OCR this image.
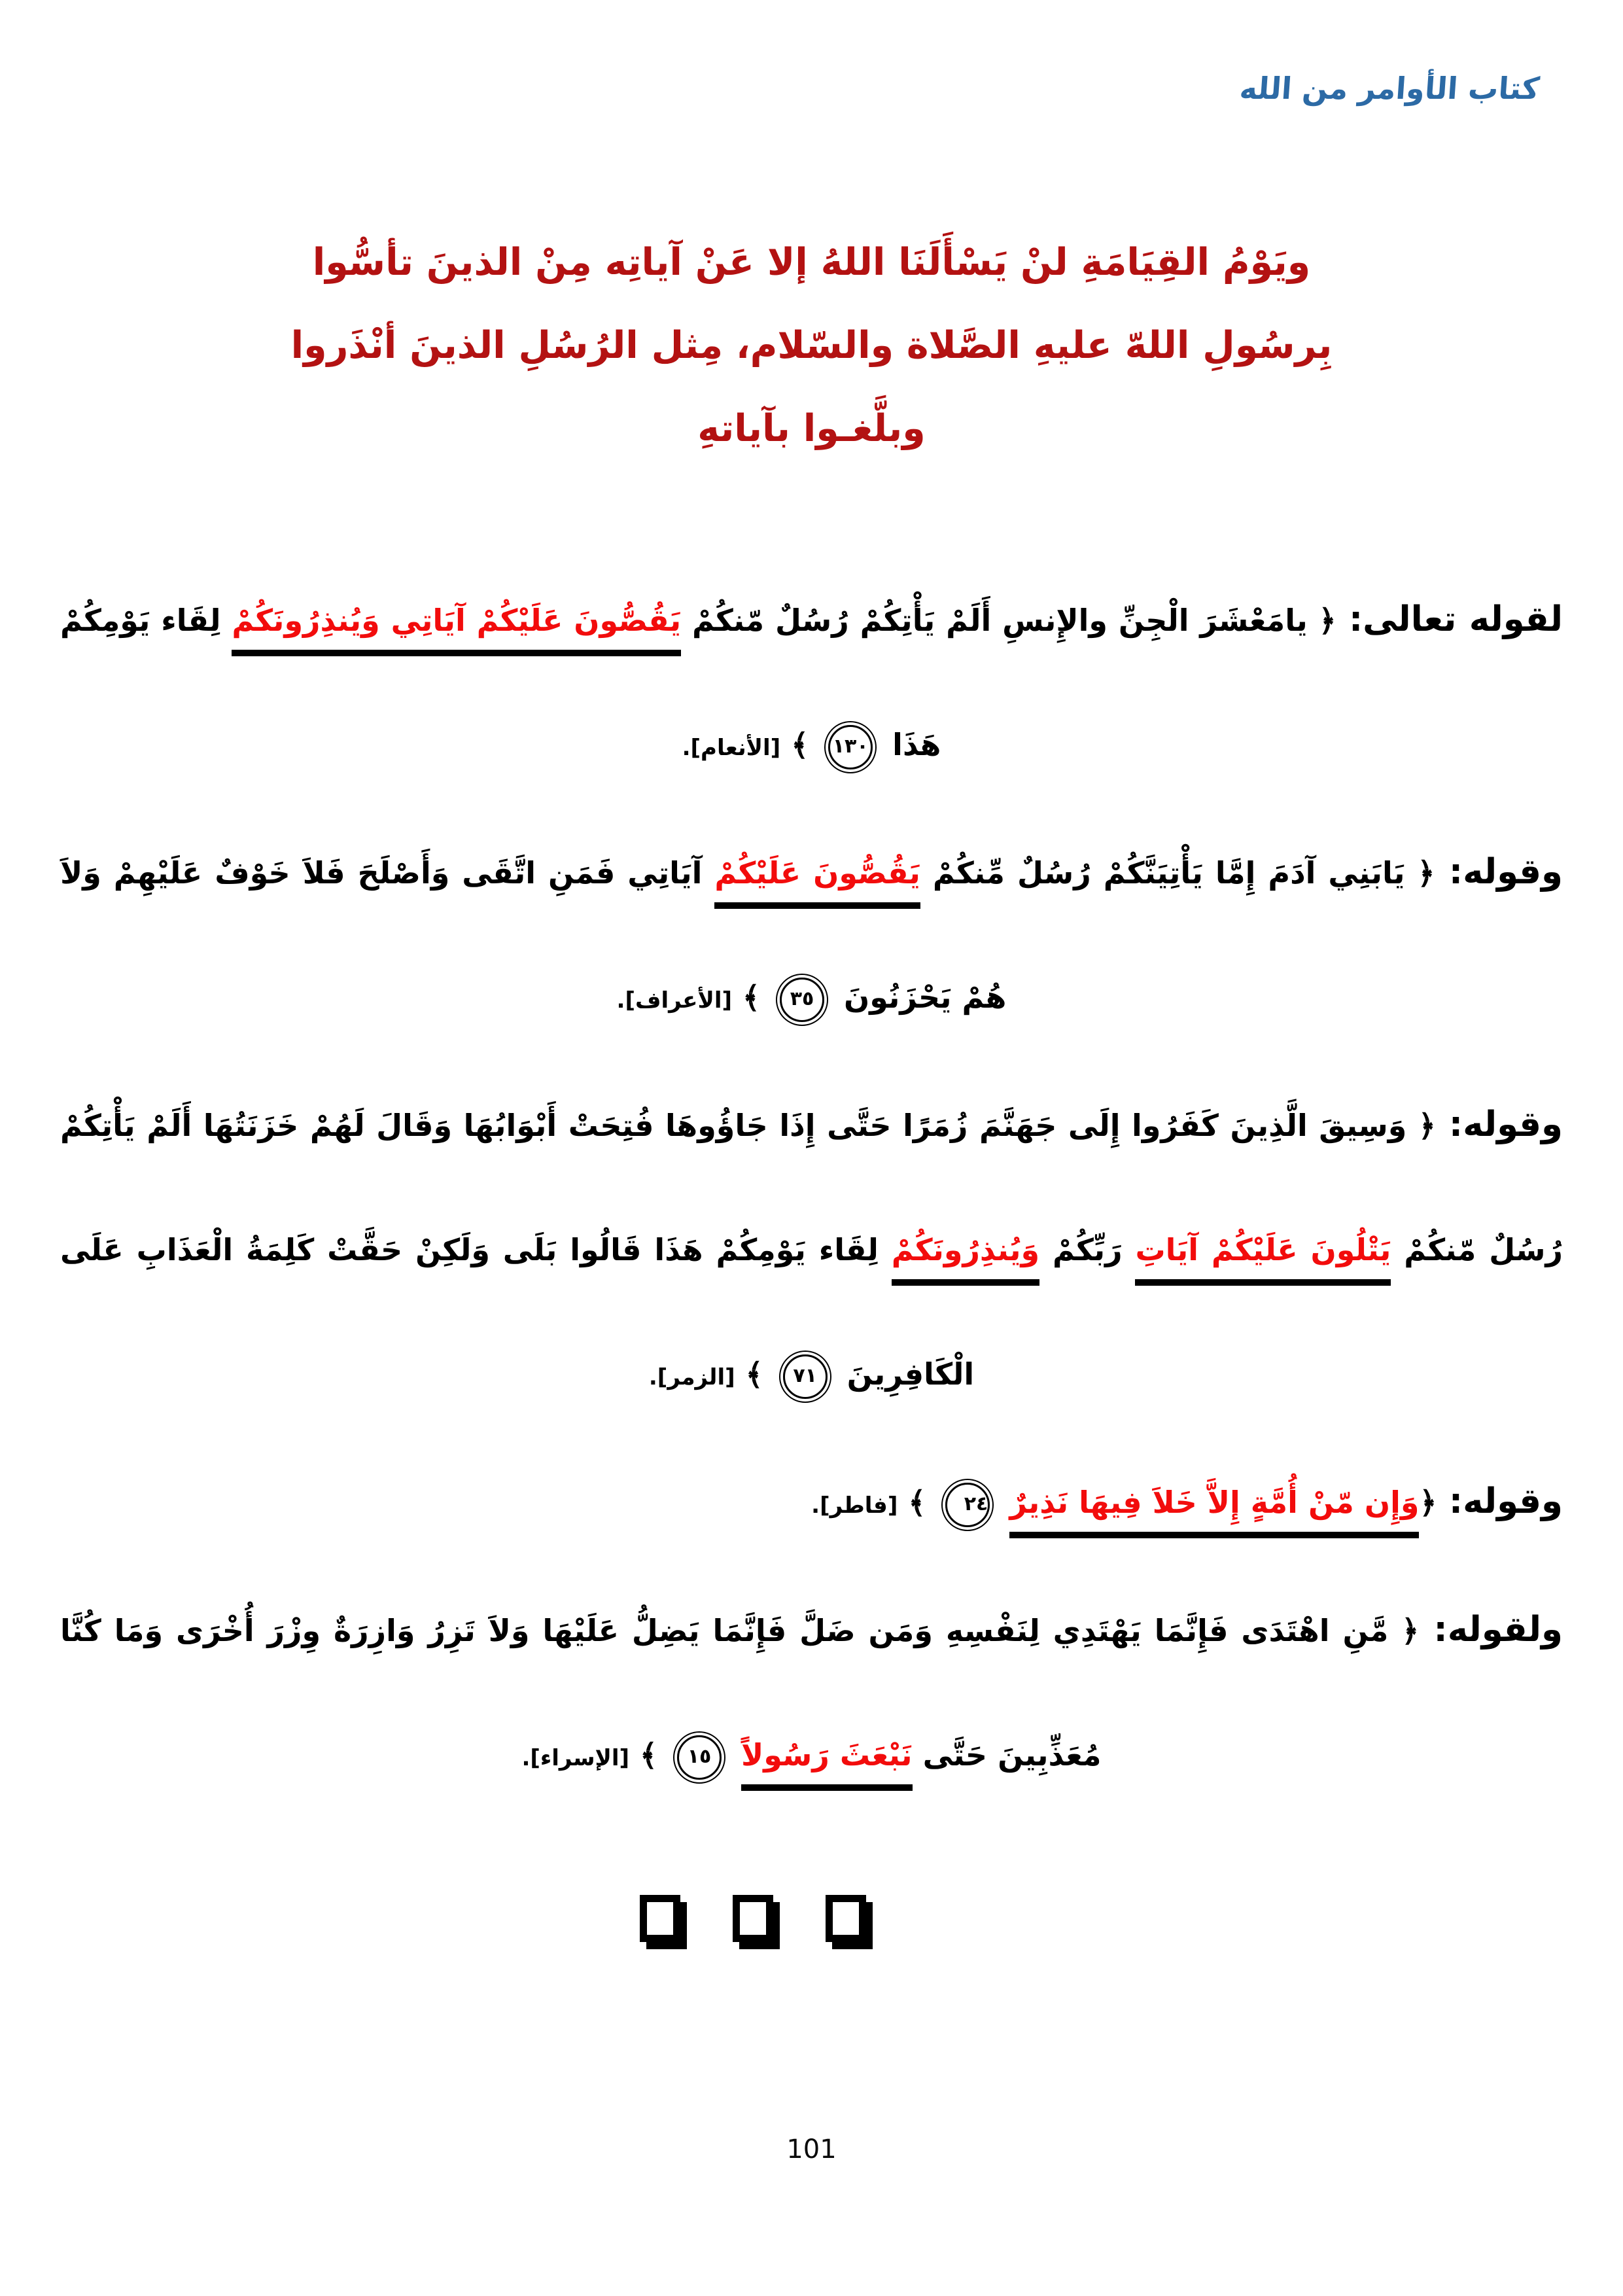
كتاب الأوامر من الله
ويَوْمُ القِيَامَةِ لنْ يَسْأَلَنَا اللهُ إلا عَنْ آياتِه مِنْ الذينَ تأسُّوا
بِرسُولِ اللهّ عليهِ الصَّلاة والسّلام، مِثل الرُسُلِ الذينَ أنْذَروا
وبلَّغـوا بآياتهِ

لقوله تعالى: ﴿ يامَعْشَرَ الْجِنِّ والإِنسِ أَلَمْ يَأْتِكُمْ رُسُلٌ مّنكُمْ يَقُصُّونَ عَلَيْكُمْ آيَاتِي وَيُنذِرُونَكُمْ لِقَاء يَوْمِكُمْ هَذَا ١٣٠ ﴾ [الأنعام].

وقوله: ﴿ يَابَنِي آدَمَ إِمَّا يَأْتِيَنَّكُمْ رُسُلٌ مِّنكُمْ يَقُصُّونَ عَلَيْكُمْ آيَاتِي فَمَنِ اتَّقَى وَأَصْلَحَ فَلاَ خَوْفٌ عَلَيْهِمْ وَلاَ هُمْ يَحْزَنُونَ ٣٥ ﴾ [الأعراف].

وقوله: ﴿ وَسِيقَ الَّذِينَ كَفَرُوا إِلَى جَهَنَّمَ زُمَرًا حَتَّى إِذَا جَاؤُوهَا فُتِحَتْ أَبْوَابُهَا وَقَالَ لَهُمْ خَزَنَتُهَا أَلَمْ يَأْتِكُمْ رُسُلٌ مّنكُمْ يَتْلُونَ عَلَيْكُمْ آيَاتِ رَبِّكُمْ وَيُنذِرُونَكُمْ لِقَاء يَوْمِكُمْ هَذَا قَالُوا بَلَى وَلَكِنْ حَقَّتْ كَلِمَةُ الْعَذَابِ عَلَى الْكَافِرِينَ ٧١ ﴾ [الزمر].

وقوله: ﴿وَإِن مّنْ أُمَّةٍ إِلاَّ خَلاَ فِيهَا نَذِيرٌ ٢٤ ﴾ [فاطر].

ولقوله: ﴿ مَّنِ اهْتَدَى فَإِنَّمَا يَهْتَدِي لِنَفْسِهِ وَمَن ضَلَّ فَإِنَّمَا يَضِلُّ عَلَيْهَا وَلاَ تَزِرُ وَازِرَةٌ وِزْرَ أُخْرَى وَمَا كُنَّا مُعَذِّبِينَ حَتَّى نَبْعَثَ رَسُولاً ١٥ ﴾ [الإسراء].

101
